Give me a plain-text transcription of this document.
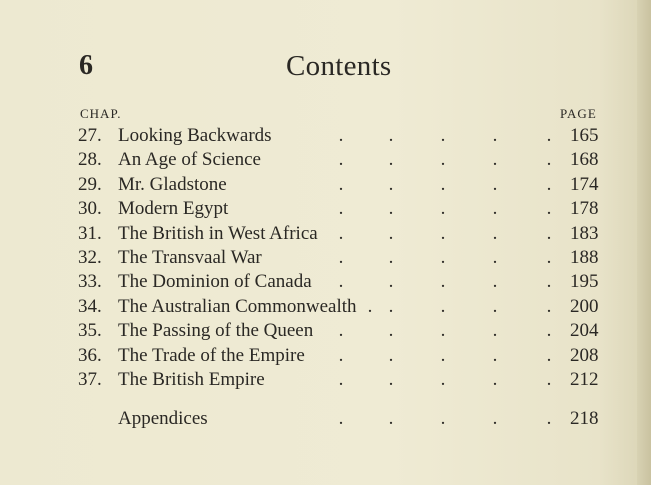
6	Contents
CHAP.	PAGE
27. Looking Backwards	165
. . . .	.
28. An Age of Science	168
. . . .	.
29. Mr. Gladstone	174
. . . .	.
30. Modern Egypt	178
. . . .	.
31. The British in West Africa	183
. . . .	.
32. The Transvaal War	188
. . . .	.
33. The Dominion of Canada	195
. . . .	.
34. The Australian Commonwealth	200
. . .	.
.
35. The Passing of the Queen	204
. . . .	.
36. The Trade of the Empire	208
. . . .	.
37. The British Empire	212
. . . .	.
Appendices	218
. . . .	.
